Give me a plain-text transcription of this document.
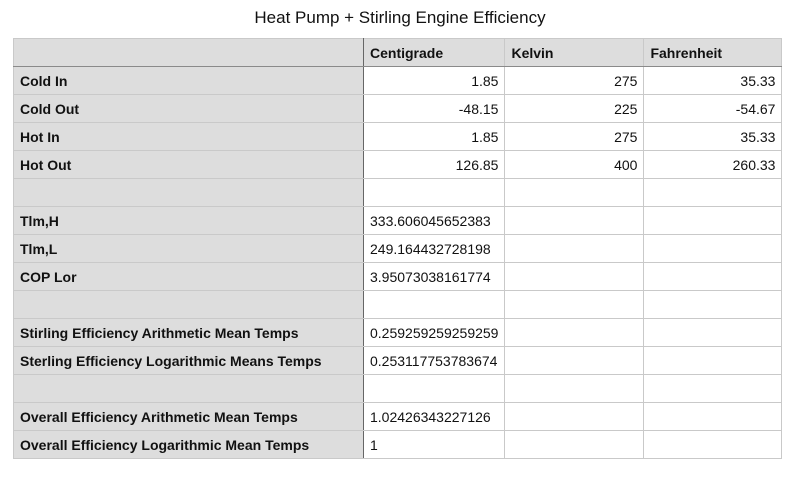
Heat Pump + Stirling Engine Efficiency
	Centigrade	Kelvin	Fahrenheit
Cold In	1.85	275	35.33
Cold Out	-48.15	225	-54.67
Hot In	1.85	275	35.33
Hot Out	126.85	400	260.33

Tlm,H	333.606045652383		
Tlm,L	249.164432728198		
COP Lor	3.95073038161774		

Stirling Efficiency Arithmetic Mean Temps	0.259259259259259		
Sterling Efficiency Logarithmic Means Temps	0.253117753783674		

Overall Efficiency Arithmetic Mean Temps	1.02426343227126		
Overall Efficiency Logarithmic Mean Temps	1		
